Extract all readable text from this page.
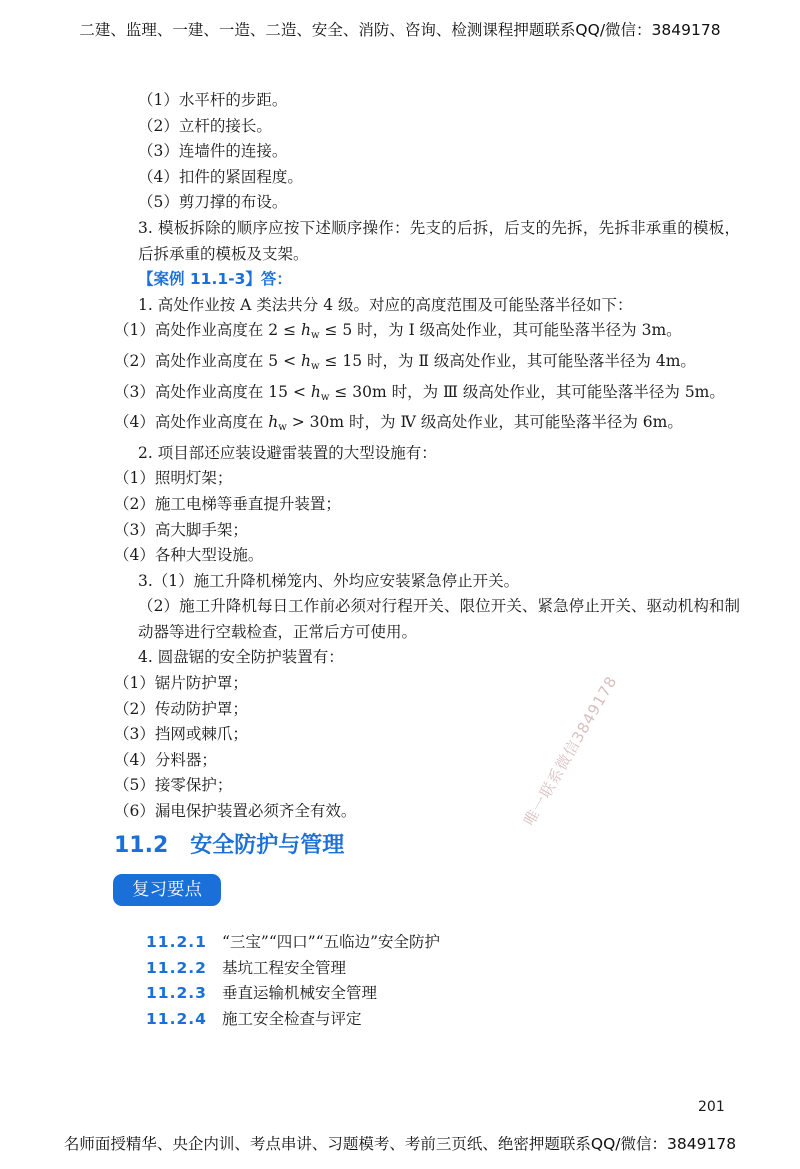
二建、监理、一建、一造、二造、安全、消防、咨询、检测课程押题联系QQ/微信：3849178
（1）水平杆的步距。
（2）立杆的接长。
（3）连墙件的连接。
（4）扣件的紧固程度。
（5）剪刀撑的布设。
3. 模板拆除的顺序应按下述顺序操作：先支的后拆，后支的先拆，先拆非承重的模板，后拆承重的模板及支架。
【案例 11.1-3】答：
1. 高处作业按 A 类法共分 4 级。对应的高度范围及可能坠落半径如下：
（1）高处作业高度在 $2 \le h_w \le 5$ 时，为 Ⅰ 级高处作业，其可能坠落半径为 3m。
（2）高处作业高度在 $5 < h_w \le 15$ 时，为 Ⅱ 级高处作业，其可能坠落半径为 4m。
（3）高处作业高度在 $15 < h_w \le 30m$ 时，为 Ⅲ 级高处作业，其可能坠落半径为 5m。
（4）高处作业高度在 $h_w > 30m$ 时，为 Ⅳ 级高处作业，其可能坠落半径为 6m。
2. 项目部还应装设避雷装置的大型设施有：
（1）照明灯架；
（2）施工电梯等垂直提升装置；
（3）高大脚手架；
（4）各种大型设施。
3.（1）施工升降机梯笼内、外均应安装紧急停止开关。
（2）施工升降机每日工作前必须对行程开关、限位开关、紧急停止开关、驱动机构和制动器等进行空载检查，正常后方可使用。
4. 圆盘锯的安全防护装置有：
（1）锯片防护罩；
（2）传动防护罩；
（3）挡网或棘爪；
（4）分料器；
（5）接零保护；
（6）漏电保护装置必须齐全有效。	唯一联系微信3849178
11.2 安全防护与管理
复习要点
11.2.1 “三宝”“四口”“五临边”安全防护
11.2.2 基坑工程安全管理
11.2.3 垂直运输机械安全管理
11.2.4 施工安全检查与评定
201
名师面授精华、央企内训、考点串讲、习题模考、考前三页纸、绝密押题联系QQ/微信：3849178
